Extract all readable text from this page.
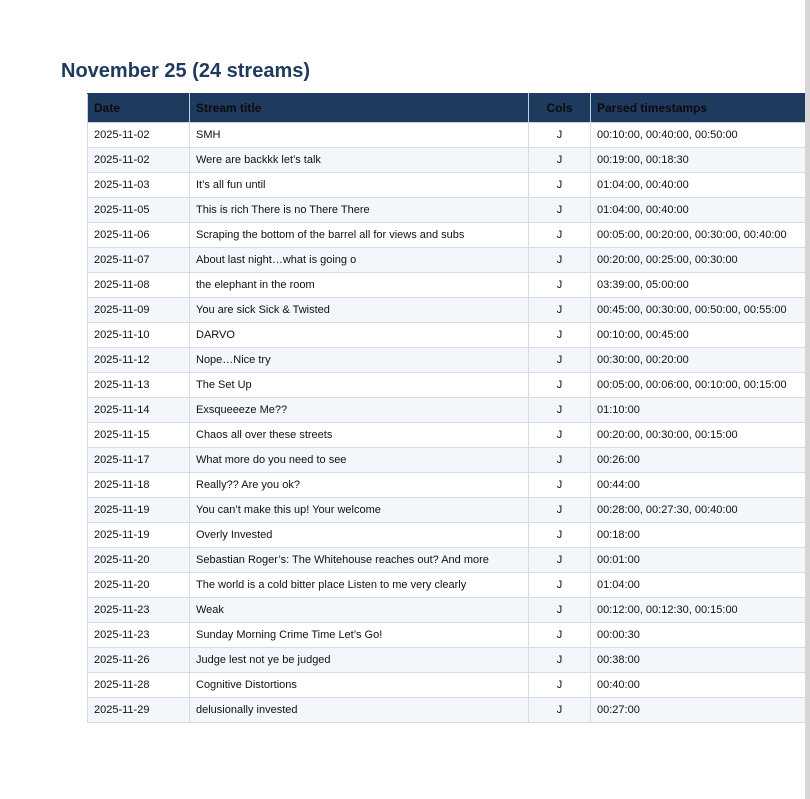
November 25 (24 streams)
Date	Stream title	Cols	Parsed timestamps
2025-11-02	SMH	J	00:10:00, 00:40:00, 00:50:00
2025-11-02	Were are backkk let’s talk	J	00:19:00, 00:18:30
2025-11-03	It’s all fun until	J	01:04:00, 00:40:00
2025-11-05	This is rich There is no There There	J	01:04:00, 00:40:00
2025-11-06	Scraping the bottom of the barrel all for views and subs	J	00:05:00, 00:20:00, 00:30:00, 00:40:00
2025-11-07	About last night…what is going o	J	00:20:00, 00:25:00, 00:30:00
2025-11-08	the elephant in the room	J	03:39:00, 05:00:00
2025-11-09	You are sick Sick & Twisted	J	00:45:00, 00:30:00, 00:50:00, 00:55:00
2025-11-10	DARVO	J	00:10:00, 00:45:00
2025-11-12	Nope…Nice try	J	00:30:00, 00:20:00
2025-11-13	The Set Up	J	00:05:00, 00:06:00, 00:10:00, 00:15:00
2025-11-14	Exsqueeeze Me??	J	01:10:00
2025-11-15	Chaos all over these streets	J	00:20:00, 00:30:00, 00:15:00
2025-11-17	What more do you need to see	J	00:26:00
2025-11-18	Really?? Are you ok?	J	00:44:00
2025-11-19	You can’t make this up! Your welcome	J	00:28:00, 00:27:30, 00:40:00
2025-11-19	Overly Invested	J	00:18:00
2025-11-20	Sebastian Roger’s: The Whitehouse reaches out? And more	J	00:01:00
2025-11-20	The world is a cold bitter place Listen to me very clearly	J	01:04:00
2025-11-23	Weak	J	00:12:00, 00:12:30, 00:15:00
2025-11-23	Sunday Morning Crime Time Let’s Go!	J	00:00:30
2025-11-26	Judge lest not ye be judged	J	00:38:00
2025-11-28	Cognitive Distortions	J	00:40:00
2025-11-29	delusionally invested	J	00:27:00
